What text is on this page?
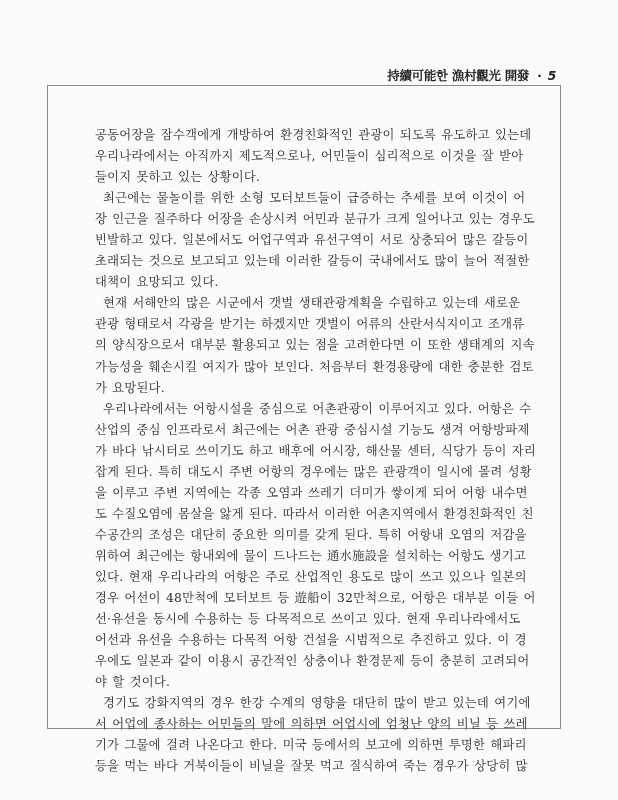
持續可能한 漁村觀光 開發 · 5
공동어장을 잠수객에게 개방하여 환경친화적인 관광이 되도록 유도하고 있는데
우리나라에서는 아직까지 제도적으로나, 어민들이 심리적으로 이것을 잘 받아
들이지 못하고 있는 상황이다.
최근에는 물놀이를 위한 소형 모터보트들이 급증하는 추세를 보여 이것이 어
장 인근을 질주하다 어장을 손상시켜 어민과 분규가 크게 일어나고 있는 경우도
빈발하고 있다. 일본에서도 어업구역과 유선구역이 서로 상충되어 많은 갈등이
초래되는 것으로 보고되고 있는데 이러한 갈등이 국내에서도 많이 늘어 적절한
대책이 요망되고 있다.
현재 서해안의 많은 시군에서 갯벌 생태관광계획을 수립하고 있는데 새로운
관광 형태로서 각광을 받기는 하겠지만 갯벌이 어류의 산란서식지이고 조개류
의 양식장으로서 대부분 활용되고 있는 점을 고려한다면 이 또한 생태계의 지속
가능성을 훼손시킬 여지가 많아 보인다. 처음부터 환경용량에 대한 충분한 검토
가 요망된다.
우리나라에서는 어항시설을 중심으로 어촌관광이 이루어지고 있다. 어항은 수
산업의 중심 인프라로서 최근에는 어촌 관광 중심시설 기능도 생겨 어항방파제
가 바다 낚시터로 쓰이기도 하고 배후에 어시장, 해산물 센터, 식당가 등이 자리
잡게 된다. 특히 대도시 주변 어항의 경우에는 많은 관광객이 일시에 몰려 성황
을 이루고 주변 지역에는 각종 오염과 쓰레기 더미가 쌓이게 되어 어항 내수면
도 수질오염에 몸살을 앓게 된다. 따라서 이러한 어촌지역에서 환경친화적인 친
수공간의 조성은 대단히 중요한 의미를 갖게 된다. 특히 어항내 오염의 저감을
위하여 최근에는 항내외에 물이 드나드는 通水施設을 설치하는 어항도 생기고
있다. 현재 우리나라의 어항은 주로 산업적인 용도로 많이 쓰고 있으나 일본의
경우 어선이 48만척에 모터보트 등 遊船이 32만척으로, 어항은 대부분 이들 어
선·유선을 동시에 수용하는 등 다목적으로 쓰이고 있다. 현재 우리나라에서도
어선과 유선을 수용하는 다목적 어항 건설을 시범적으로 추진하고 있다. 이 경
우에도 일본과 같이 이용시 공간적인 상충이나 환경문제 등이 충분히 고려되어
야 할 것이다.
경기도 강화지역의 경우 한강 수계의 영향을 대단히 많이 받고 있는데 여기에
서 어업에 종사하는 어민들의 말에 의하면 어업시에 엄청난 양의 비닐 등 쓰레
기가 그물에 걸려 나온다고 한다. 미국 등에서의 보고에 의하면 투명한 해파리
등을 먹는 바다 거북이들이 비닐을 잘못 먹고 질식하여 죽는 경우가 상당히 많
